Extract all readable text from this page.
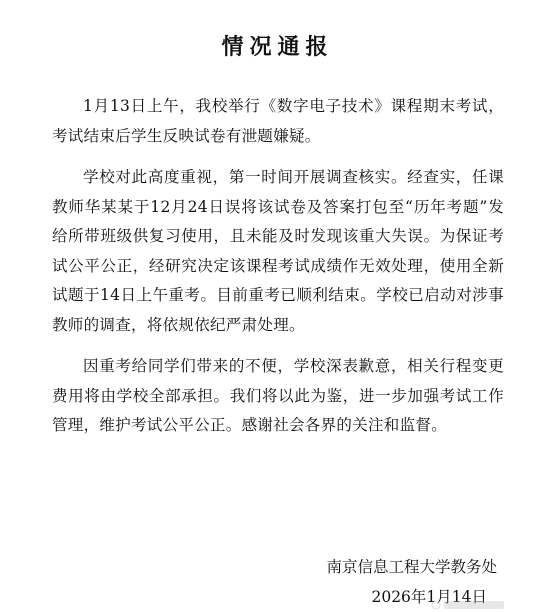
情况通报

1月13日上午，我校举行《数字电子技术》课程期末考试，考试结束后学生反映试卷有泄题嫌疑。

学校对此高度重视，第一时间开展调查核实。经查实，任课教师华某某于12月24日误将该试卷及答案打包至“历年考题”发给所带班级供复习使用，且未能及时发现该重大失误。为保证考试公平公正，经研究决定该课程考试成绩作无效处理，使用全新试题于14日上午重考。目前重考已顺利结束。学校已启动对涉事教师的调查，将依规依纪严肃处理。

因重考给同学们带来的不便，学校深表歉意，相关行程变更费用将由学校全部承担。我们将以此为鉴，进一步加强考试工作管理，维护考试公平公正。感谢社会各界的关注和监督。

南京信息工程大学教务处
2026年1月14日
